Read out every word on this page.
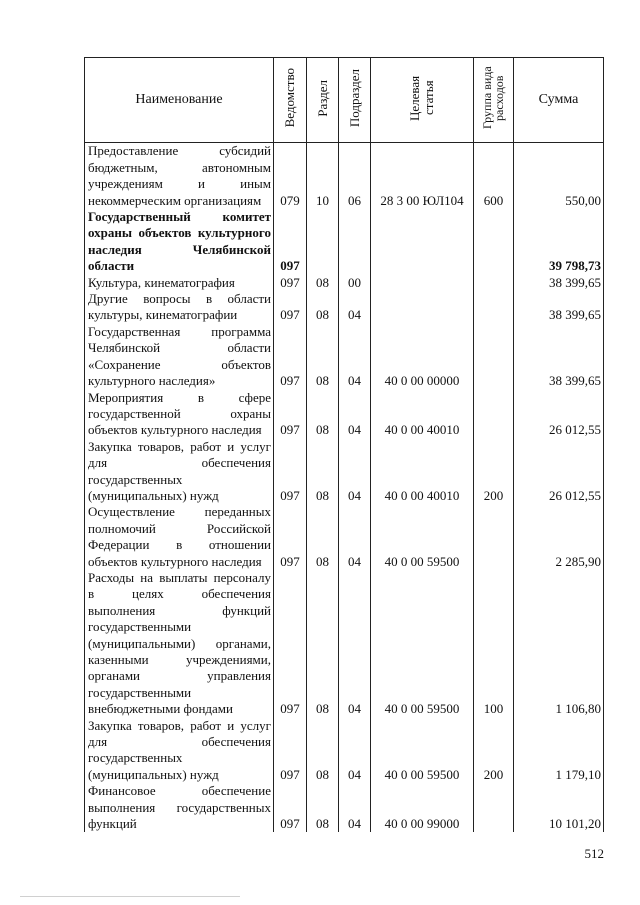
Наименование	Ведомство	Раздел	Подраздел	Целевая статья	Группа вида расходов	Сумма
Предоставление субсидий бюджетным, автономным учреждениям и иным некоммерческим организациям	079	10	06	28 3 00 ЮЛ104	600	550,00
Государственный комитет охраны объектов культурного наследия Челябинской области	097					39 798,73
Культура, кинематография	097	08	00			38 399,65
Другие вопросы в области культуры, кинематографии	097	08	04			38 399,65
Государственная программа Челябинской области «Сохранение объектов культурного наследия»	097	08	04	40 0 00 00000		38 399,65
Мероприятия в сфере государственной охраны объектов культурного наследия	097	08	04	40 0 00 40010		26 012,55
Закупка товаров, работ и услуг для обеспечения государственных (муниципальных) нужд	097	08	04	40 0 00 40010	200	26 012,55
Осуществление переданных полномочий Российской Федерации в отношении объектов культурного наследия	097	08	04	40 0 00 59500		2 285,90
Расходы на выплаты персоналу в целях обеспечения выполнения функций государственными (муниципальными) органами, казенными учреждениями, органами управления государственными внебюджетными фондами	097	08	04	40 0 00 59500	100	1 106,80
Закупка товаров, работ и услуг для обеспечения государственных (муниципальных) нужд	097	08	04	40 0 00 59500	200	1 179,10
Финансовое обеспечение выполнения государственных функций	097	08	04	40 0 00 99000		10 101,20
512
